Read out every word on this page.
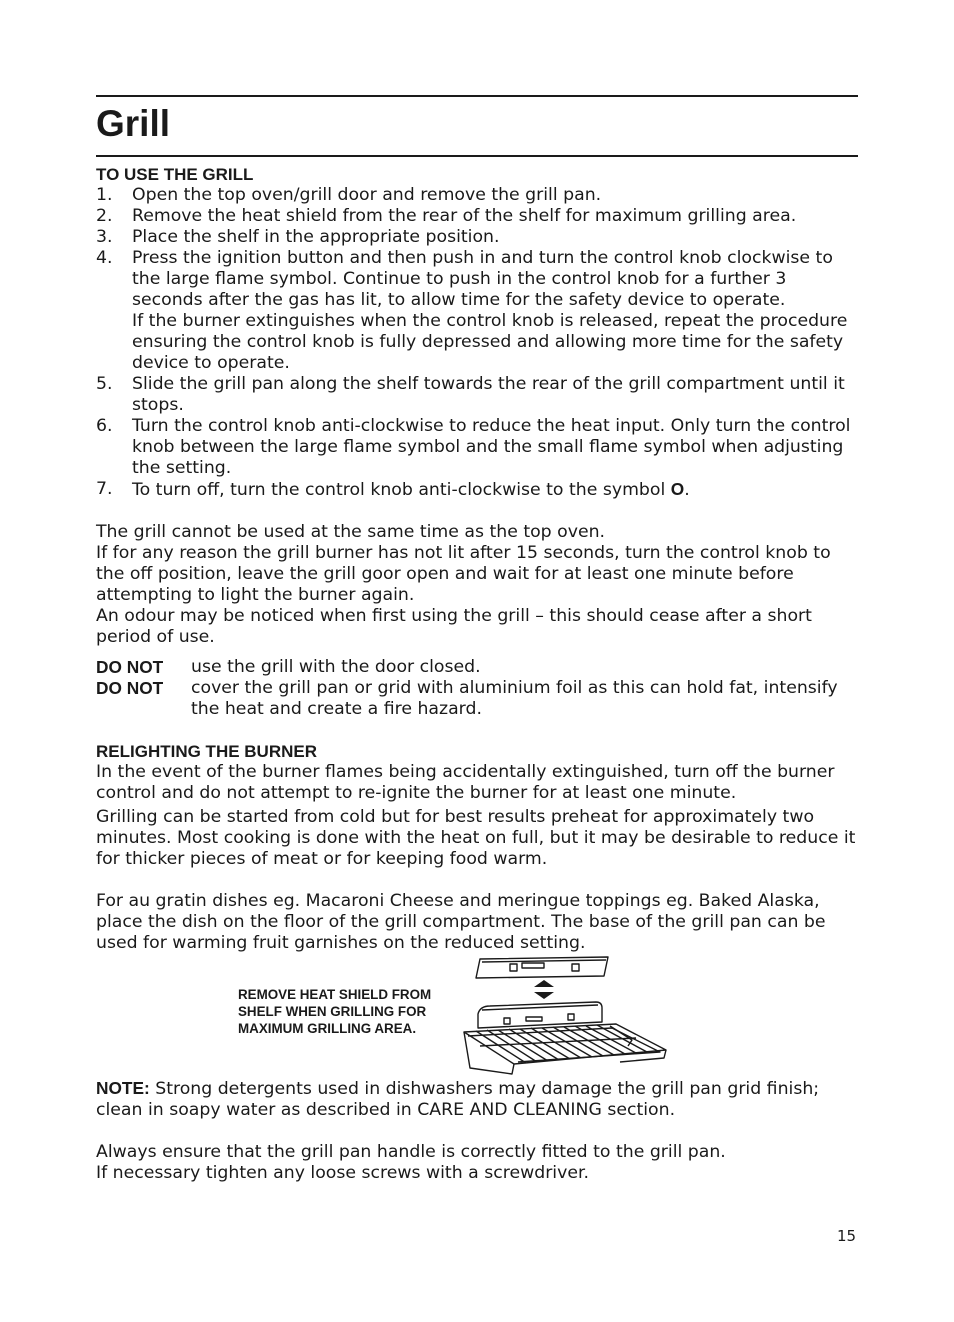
Grill
TO USE THE GRILL
1. Open the top oven/grill door and remove the grill pan.
2. Remove the heat shield from the rear of the shelf for maximum grilling area.
3. Place the shelf in the appropriate position.
4. Press the ignition button and then push in and turn the control knob clockwise to the large flame symbol. Continue to push in the control knob for a further 3 seconds after the gas has lit, to allow time for the safety device to operate.
If the burner extinguishes when the control knob is released, repeat the procedure ensuring the control knob is fully depressed and allowing more time for the safety device to operate.
5. Slide the grill pan along the shelf towards the rear of the grill compartment until it stops.
6. Turn the control knob anti-clockwise to reduce the heat input. Only turn the control knob between the large flame symbol and the small flame symbol when adjusting the setting.
7. To turn off, turn the control knob anti-clockwise to the symbol O.

The grill cannot be used at the same time as the top oven.

If for any reason the grill burner has not lit after 15 seconds, turn the control knob to the off position, leave the grill goor open and wait for at least one minute before attempting to light the burner again.

An odour may be noticed when first using the grill – this should cease after a short period of use.

DO NOT	use the grill with the door closed.
DO NOT	cover the grill pan or grid with aluminium foil as this can hold fat, intensify the heat and create a fire hazard.
RELIGHTING THE BURNER

In the event of the burner flames being accidentally extinguished, turn off the burner control and do not attempt to re-ignite the burner for at least one minute.

Grilling can be started from cold but for best results preheat for approximately two minutes. Most cooking is done with the heat on full, but it may be desirable to reduce it for thicker pieces of meat or for keeping food warm.

For au gratin dishes eg. Macaroni Cheese and meringue toppings eg. Baked Alaska, place the dish on the floor of the grill compartment. The base of the grill pan can be used for warming fruit garnishes on the reduced setting.

REMOVE HEAT SHIELD FROM SHELF WHEN GRILLING FOR MAXIMUM GRILLING AREA.

NOTE: Strong detergents used in dishwashers may damage the grill pan grid finish; clean in soapy water as described in CARE AND CLEANING section.

Always ensure that the grill pan handle is correctly fitted to the grill pan.

If necessary tighten any loose screws with a screwdriver.

15
